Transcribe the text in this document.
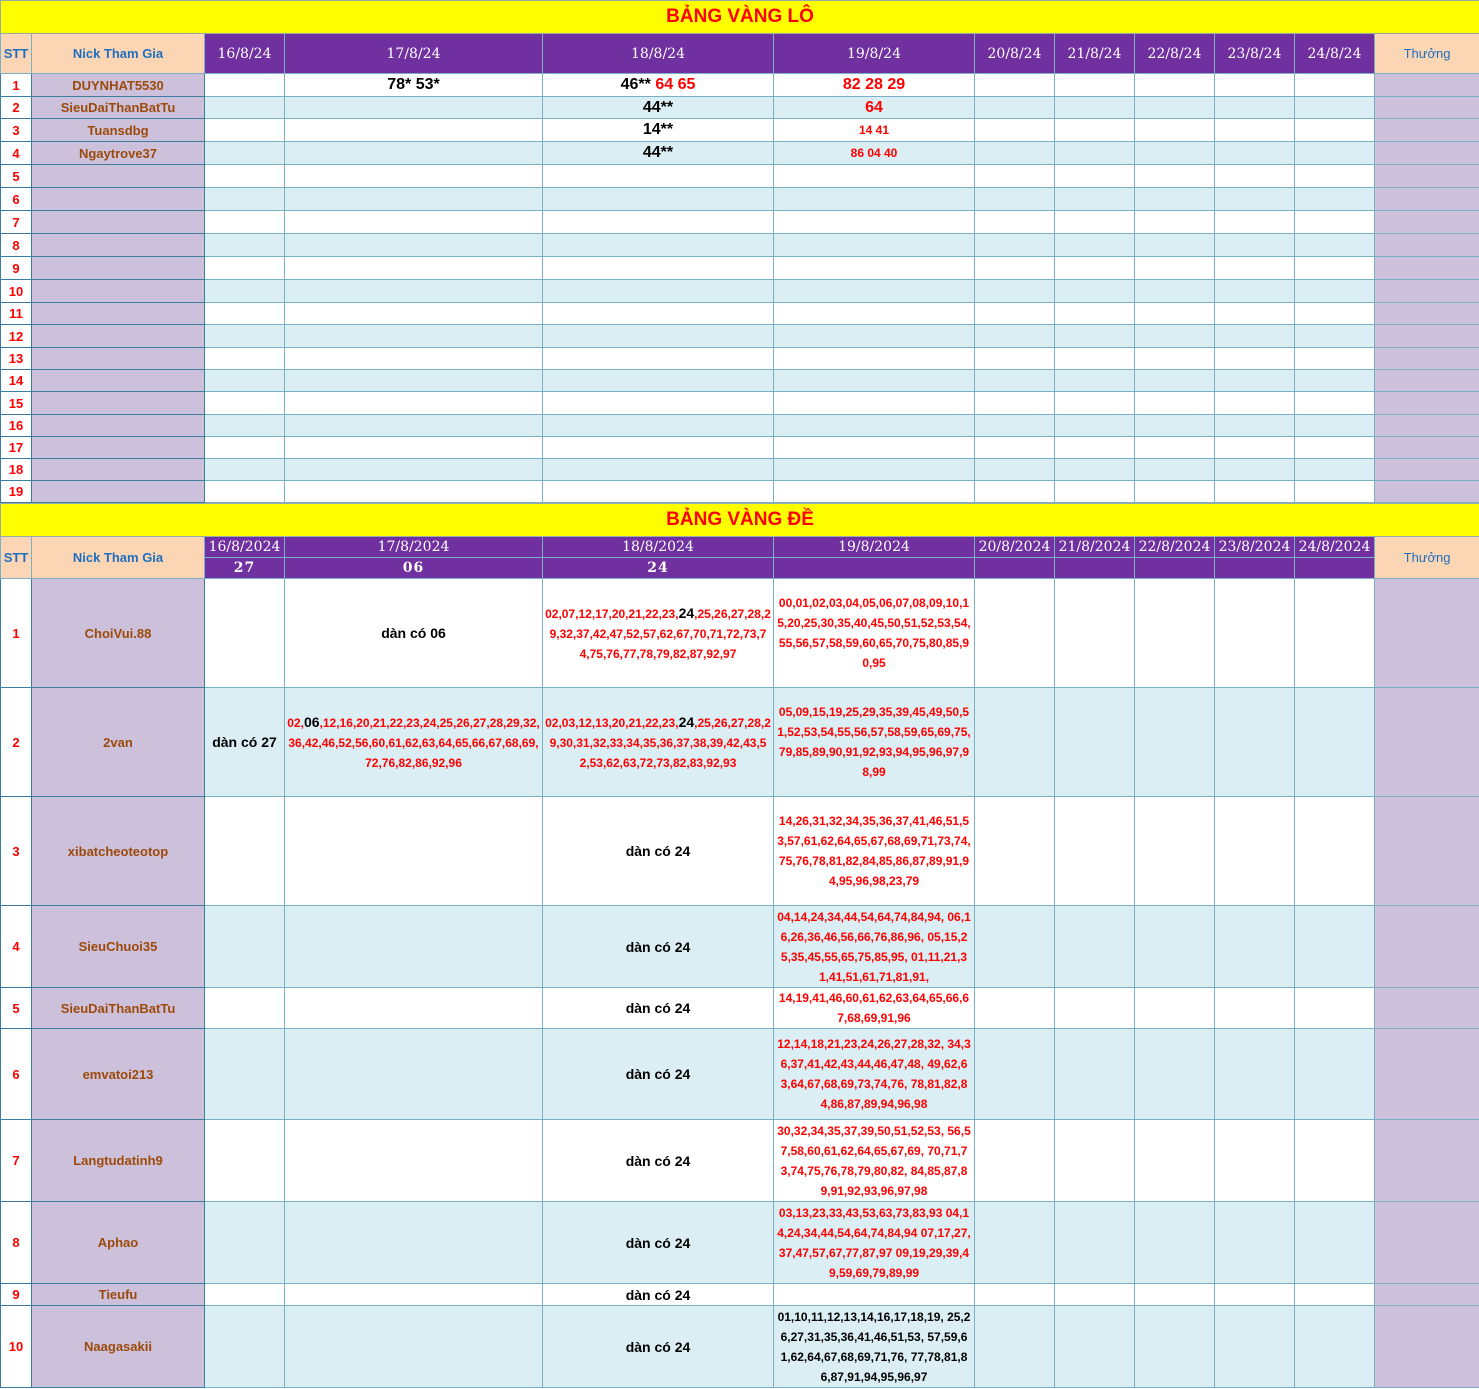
BẢNG VÀNG LÔ											
STT	Nick Tham Gia	16/8/24	17/8/24	18/8/24	19/8/24	20/8/24	21/8/24	22/8/24	23/8/24	24/8/24	Thưởng
1	DUYNHAT5530		78* 53*	46** 64 65	82 28 29						
2	SieuDaiThanBatTu			44**	64						
3	Tuansdbg			14**	14 41						
4	Ngaytrove37			44**	86 04 40						
5											
6											
7											
8											
9											
10											
11											
12											
13											
14											
15											
16											
17											
18											
19											
BẢNG VÀNG ĐỀ											
STT	Nick Tham Gia	16/8/2024	17/8/2024	18/8/2024	19/8/2024	20/8/2024	21/8/2024	22/8/2024	23/8/2024	24/8/2024	Thưởng
		27	06	24							
1	ChoiVui.88		dàn có 06	02,07,12,17,20,21,22,23,24,25,26,27,28,29,32,37,42,47,52,57,62,67,70,71,72,73,74,75,76,77,78,79,82,87,92,97	00,01,02,03,04,05,06,07,08,09,10,15,20,25,30,35,40,45,50,51,52,53,54,55,56,57,58,59,60,65,70,75,80,85,90,95						
2	2van	dàn có 27	02,06,12,16,20,21,22,23,24,25,26,27,28,29,32,36,42,46,52,56,60,61,62,63,64,65,66,67,68,69,72,76,82,86,92,96	02,03,12,13,20,21,22,23,24,25,26,27,28,29,30,31,32,33,34,35,36,37,38,39,42,43,52,53,62,63,72,73,82,83,92,93	05,09,15,19,25,29,35,39,45,49,50,51,52,53,54,55,56,57,58,59,65,69,75,79,85,89,90,91,92,93,94,95,96,97,98,99						
3	xibatcheoteotop			dàn có 24	14,26,31,32,34,35,36,37,41,46,51,53,57,61,62,64,65,67,68,69,71,73,74,75,76,78,81,82,84,85,86,87,89,91,94,95,96,98,23,79						
4	SieuChuoi35			dàn có 24	04,14,24,34,44,54,64,74,84,94, 06,16,26,36,46,56,66,76,86,96, 05,15,25,35,45,55,65,75,85,95, 01,11,21,31,41,51,61,71,81,91,						
5	SieuDaiThanBatTu			dàn có 24	14,19,41,46,60,61,62,63,64,65,66,67,68,69,91,96						
6	emvatoi213			dàn có 24	12,14,18,21,23,24,26,27,28,32, 34,36,37,41,42,43,44,46,47,48, 49,62,63,64,67,68,69,73,74,76, 78,81,82,84,86,87,89,94,96,98						
7	Langtudatinh9			dàn có 24	30,32,34,35,37,39,50,51,52,53, 56,57,58,60,61,62,64,65,67,69, 70,71,73,74,75,76,78,79,80,82, 84,85,87,89,91,92,93,96,97,98						
8	Aphao			dàn có 24	03,13,23,33,43,53,63,73,83,93 04,14,24,34,44,54,64,74,84,94 07,17,27,37,47,57,67,77,87,97 09,19,29,39,49,59,69,79,89,99						
9	Tieufu			dàn có 24							
10	Naagasakii			dàn có 24	01,10,11,12,13,14,16,17,18,19, 25,26,27,31,35,36,41,46,51,53, 57,59,61,62,64,67,68,69,71,76, 77,78,81,86,87,91,94,95,96,97						
